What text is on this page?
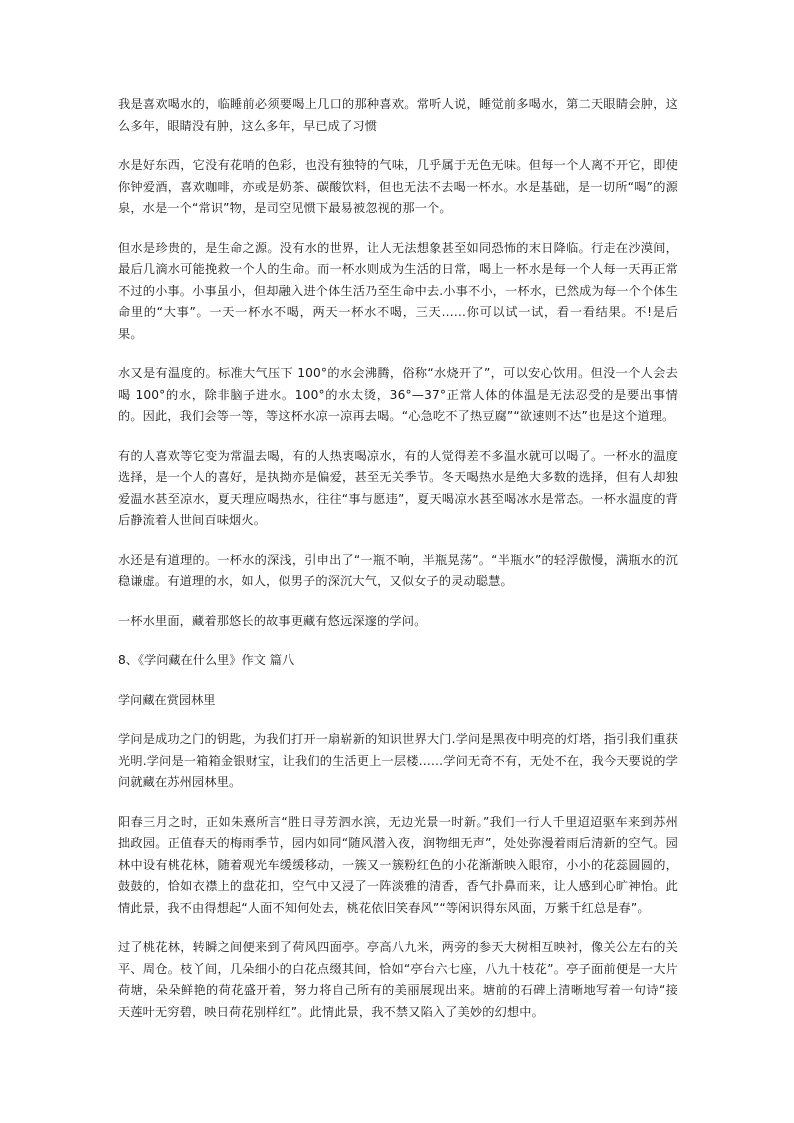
我是喜欢喝水的，临睡前必须要喝上几口的那种喜欢。常听人说，睡觉前多喝水，第二天眼睛会肿，这么多年，眼睛没有肿，这么多年，早已成了习惯

水是好东西，它没有花哨的色彩，也没有独特的气味，几乎属于无色无味。但每一个人离不开它，即使你钟爱酒，喜欢咖啡，亦或是奶茶、碳酸饮料，但也无法不去喝一杯水。水是基础，是一切所“喝”的源泉，水是一个“常识”物，是司空见惯下最易被忽视的那一个。

但水是珍贵的，是生命之源。没有水的世界，让人无法想象甚至如同恐怖的末日降临。行走在沙漠间，最后几滴水可能挽救一个人的生命。而一杯水则成为生活的日常，喝上一杯水是每一个人每一天再正常不过的小事。小事虽小，但却融入进个体生活乃至生命中去.小事不小，一杯水，已然成为每一个个体生命里的“大事”。一天一杯水不喝，两天一杯水不喝，三天……你可以试一试，看一看结果。不!是后果。

水又是有温度的。标准大气压下 100°的水会沸腾，俗称“水烧开了”，可以安心饮用。但没一个人会去喝 100°的水，除非脑子进水。100°的水太烫，36°—37°正常人体的体温是无法忍受的是要出事情的。因此，我们会等一等，等这杯水凉一凉再去喝。“心急吃不了热豆腐”“欲速则不达”也是这个道理。

有的人喜欢等它变为常温去喝，有的人热衷喝凉水，有的人觉得差不多温水就可以喝了。一杯水的温度选择，是一个人的喜好，是执拗亦是偏爱，甚至无关季节。冬天喝热水是绝大多数的选择，但有人却独爱温水甚至凉水，夏天理应喝热水，往往“事与愿违”，夏天喝凉水甚至喝冰水是常态。一杯水温度的背后静流着人世间百味烟火。

水还是有道理的。一杯水的深浅，引申出了“一瓶不响，半瓶晃荡”。“半瓶水”的轻浮傲慢，满瓶水的沉稳谦虚。有道理的水，如人，似男子的深沉大气，又似女子的灵动聪慧。

一杯水里面，藏着那悠长的故事更藏有悠远深邃的学问。

8、《学问藏在什么里》作文 篇八

学问藏在赏园林里

学问是成功之门的钥匙，为我们打开一扇崭新的知识世界大门.学问是黑夜中明亮的灯塔，指引我们重获光明.学问是一箱箱金银财宝，让我们的生活更上一层楼……学问无奇不有，无处不在，我今天要说的学问就藏在苏州园林里。

阳春三月之时，正如朱熹所言“胜日寻芳泗水滨，无边光景一时新。”我们一行人千里迢迢驱车来到苏州拙政园。正值春天的梅雨季节，园内如同“随风潜入夜，润物细无声”，处处弥漫着雨后清新的空气。园林中设有桃花林，随着观光车缓缓移动，一簇又一簇粉红色的小花渐渐映入眼帘，小小的花蕊圆圆的，鼓鼓的，恰如衣襟上的盘花扣，空气中又浸了一阵淡雅的清香，香气扑鼻而来，让人感到心旷神怡。此情此景，我不由得想起“人面不知何处去，桃花依旧笑春风”“等闲识得东风面，万紫千红总是春”。

过了桃花林，转瞬之间便来到了荷风四面亭。亭高八九米，两旁的参天大树相互映衬，像关公左右的关平、周仓。枝丫间，几朵细小的白花点缀其间，恰如“亭台六七座，八九十枝花”。亭子面前便是一大片荷塘，朵朵鲜艳的荷花盛开着，努力将自己所有的美丽展现出来。塘前的石碑上清晰地写着一句诗“接天莲叶无穷碧，映日荷花别样红”。此情此景，我不禁又陷入了美妙的幻想中。
